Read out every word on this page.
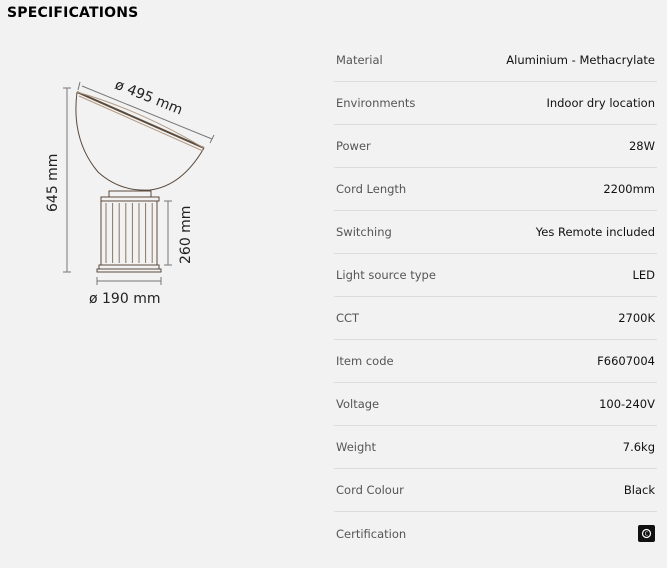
SPECIFICATIONS
ø 495 mm
645 mm
260 mm
ø 190 mm
Material	Aluminium - Methacrylate
Environments	Indoor dry location
Power	28W
Cord Length	2200mm
Switching	Yes Remote included
Light source type	LED
CCT	2700K
Item code	F6607004
Voltage	100-240V
Weight	7.6kg
Cord Colour	Black
Certification	C
